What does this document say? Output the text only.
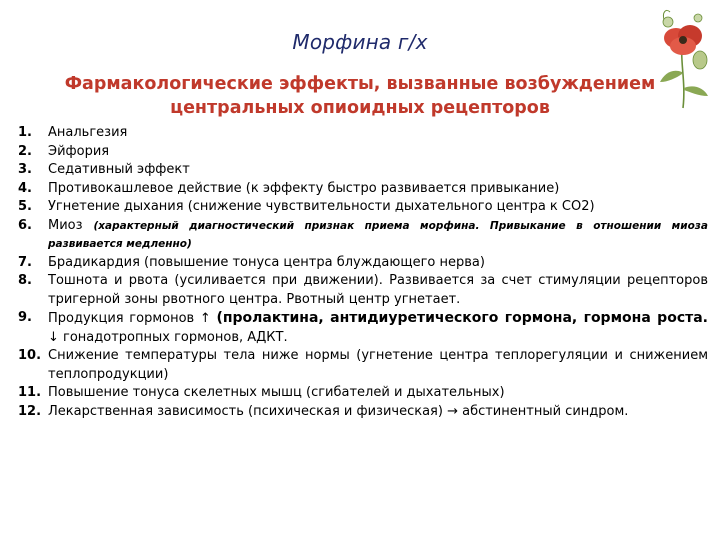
Морфина г/х
Фармакологические эффекты, вызванные возбуждением
центральных опиоидных рецепторов
1.	Анальгезия
2.	Эйфория
3.	Седативный эффект
4.	Противокашлевое действие (к эффекту быстро развивается привыкание)
5.	Угнетение дыхания (снижение чувствительности дыхательного центра к СО2)
6.	Миоз (характерный диагностический признак приема морфина. Привыкание в отношении миоза развивается медленно)
7.	Брадикардия (повышение тонуса центра блуждающего нерва)
8.	Тошнота и рвота (усиливается при движении). Развивается за счет стимуляции рецепторов тригерной зоны рвотного центра. Рвотный центр угнетает.
9.	Продукция гормонов ↑ (пролактина, антидиуретического гормона, гормона роста. ↓ гонадотропных гормонов, АДКТ.
10. Снижение температуры тела ниже нормы (угнетение центра теплорегуляции и снижением теплопродукции)
11. Повышение тонуса скелетных мышц (сгибателей и дыхательных)
12. Лекарственная зависимость (психическая и физическая) → абстинентный синдром.
